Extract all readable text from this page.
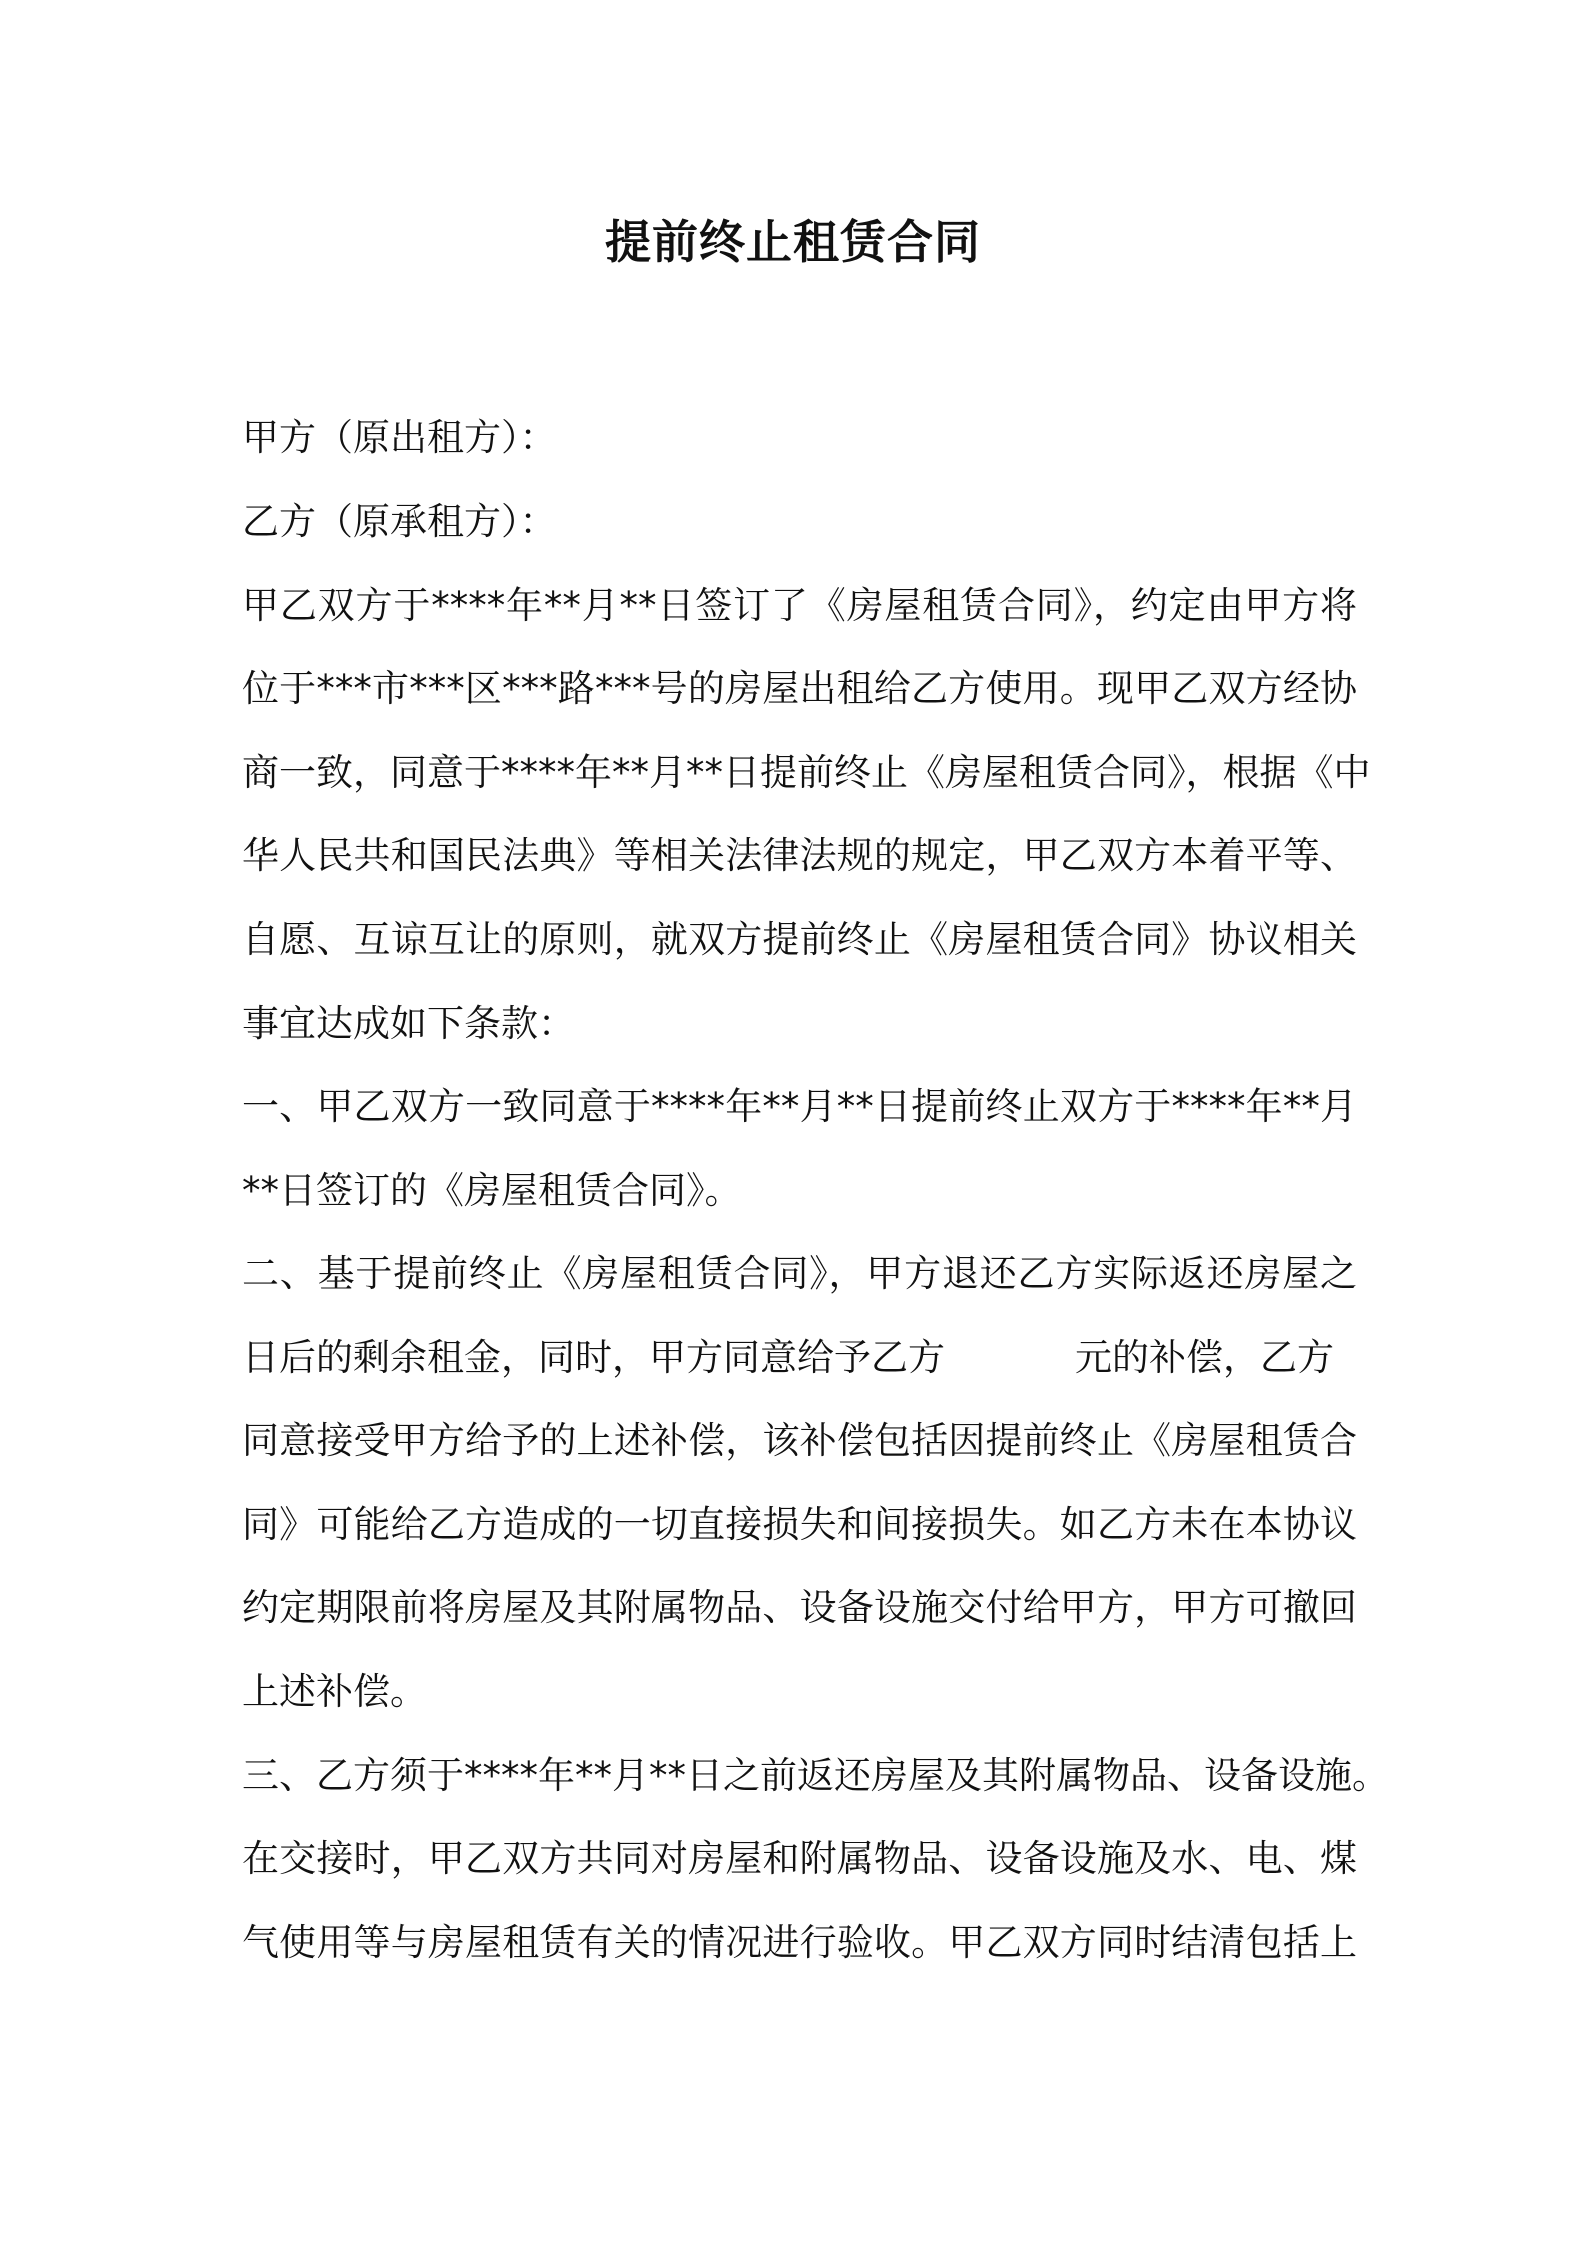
提前终止租赁合同

甲方（原出租方）：

乙方（原承租方）：

甲乙双方于****年**月**日签订了《房屋租赁合同》，约定由甲方将

位于***市***区***路***号的房屋出租给乙方使用。现甲乙双方经协

商一致，同意于****年**月**日提前终止《房屋租赁合同》，根据《中

华人民共和国民法典》等相关法律法规的规定，甲乙双方本着平等、

自愿、互谅互让的原则，就双方提前终止《房屋租赁合同》协议相关

事宜达成如下条款：

一、甲乙双方一致同意于****年**月**日提前终止双方于****年**月

**日签订的《房屋租赁合同》。

二、基于提前终止《房屋租赁合同》，甲方退还乙方实际返还房屋之

日后的剩余租金，同时，甲方同意给予乙方	元的补偿，乙方

同意接受甲方给予的上述补偿，该补偿包括因提前终止《房屋租赁合

同》可能给乙方造成的一切直接损失和间接损失。如乙方未在本协议

约定期限前将房屋及其附属物品、设备设施交付给甲方，甲方可撤回

上述补偿。

三、乙方须于****年**月**日之前返还房屋及其附属物品、设备设施。

在交接时，甲乙双方共同对房屋和附属物品、设备设施及水、电、煤

气使用等与房屋租赁有关的情况进行验收。甲乙双方同时结清包括上
